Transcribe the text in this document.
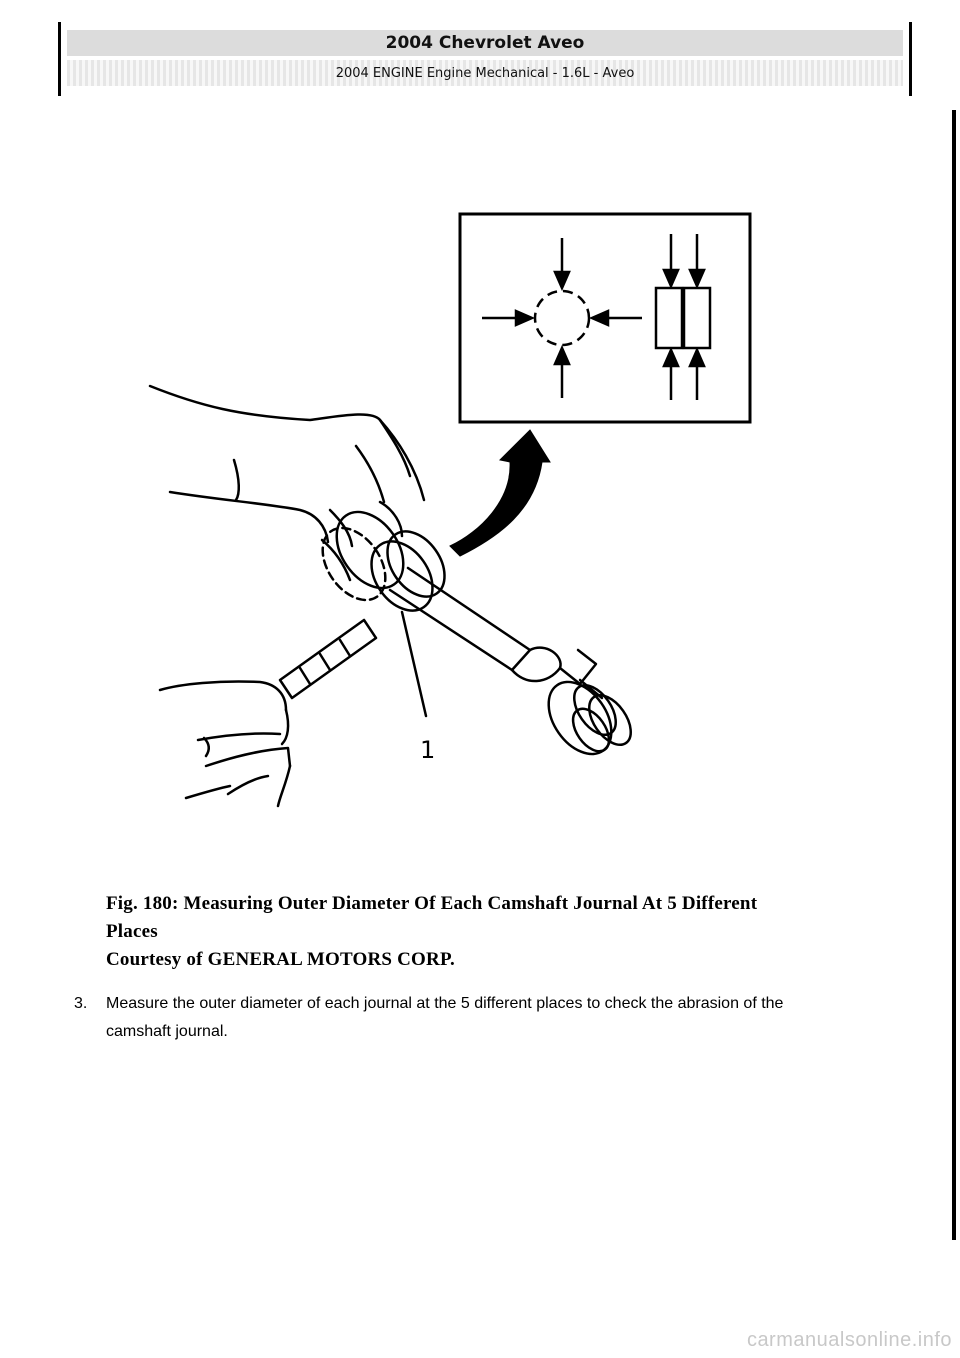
2004 Chevrolet Aveo
2004 ENGINE Engine Mechanical - 1.6L - Aveo
1
Fig. 180: Measuring Outer Diameter Of Each Camshaft Journal At 5 Different
Places
Courtesy of GENERAL MOTORS CORP.
3. Measure the outer diameter of each journal at the 5 different places to check the abrasion of the camshaft journal.
carmanualsonline.info
